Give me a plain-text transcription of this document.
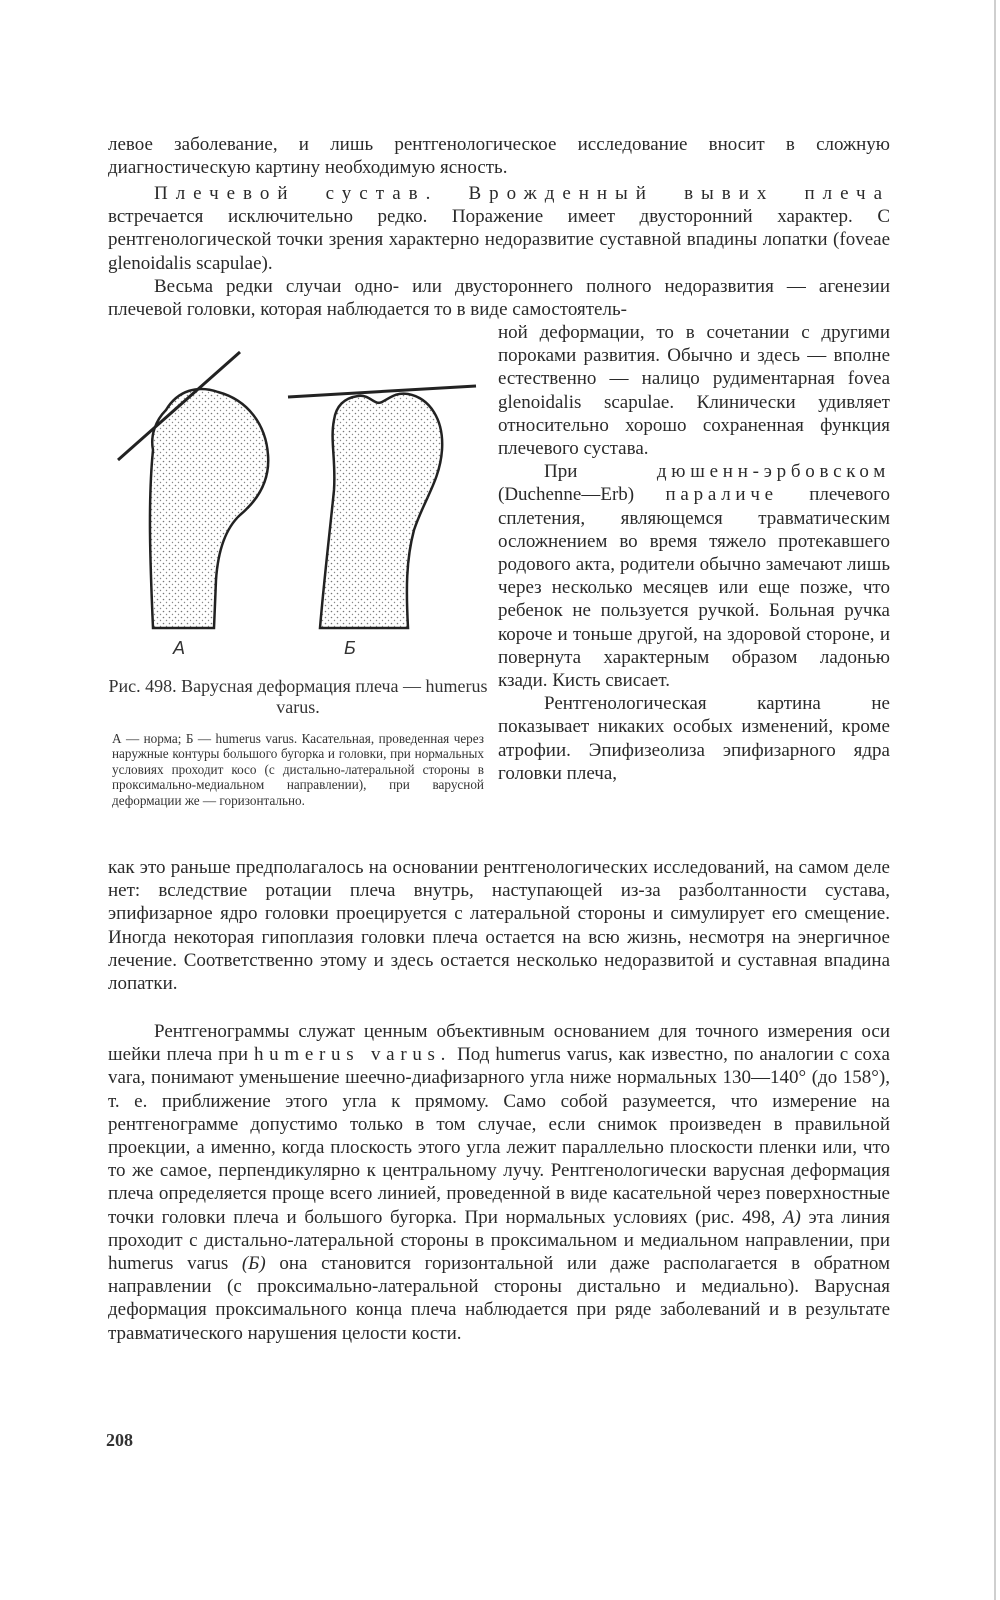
левое заболевание, и лишь рентгенологическое исследование вносит в сложную диагностическую картину необходимую ясность.

Плечевой сустав. Врожденный вывих плеча встречается исключительно редко. Поражение имеет двусторонний характер. С рентгенологической точки зрения характерно недоразвитие суставной впадины лопатки (foveae glenoidalis scapulae).

Весьма редки случаи одно- или двустороннего полного недоразвития — агенезии плечевой головки, которая наблюдается то в виде самостоятель-

А	Б
Рис. 498. Варусная деформация плеча — humerus varus.
А — норма; Б — humerus varus. Касательная, проведенная через наружные контуры большого бугорка и головки, при нормальных условиях проходит косо (с дистально-латеральной стороны в проксимально-медиальном направлении), при варусной деформации же — горизонтально.

ной деформации, то в сочетании с другими пороками развития. Обычно и здесь — вполне естественно — налицо рудиментарная fovea glenoidalis scapulae. Клинически удивляет относительно хорошо сохраненная функция плечевого сустава.

При дюшенн-эрбовском (Duchenne—Erb) параличе плечевого сплетения, являющемся травматическим осложнением во время тяжело протекавшего родового акта, родители обычно замечают лишь через несколько месяцев или еще позже, что ребенок не пользуется ручкой. Больная ручка короче и тоньше другой, на здоровой стороне, и повернута характерным образом ладонью кзади. Кисть свисает.

Рентгенологическая картина не показывает никаких особых изменений, кроме атрофии. Эпифизеолиза эпифизарного ядра головки плеча,

как это раньше предполагалось на основании рентгенологических исследований, на самом деле нет: вследствие ротации плеча внутрь, наступающей из-за разболтанности сустава, эпифизарное ядро головки проецируется с латеральной стороны и симулирует его смещение. Иногда некоторая гипоплазия головки плеча остается на всю жизнь, несмотря на энергичное лечение. Соответственно этому и здесь остается несколько недоразвитой и суставная впадина лопатки.

Рентгенограммы служат ценным объективным основанием для точного измерения оси шейки плеча при humerus varus. Под humerus varus, как известно, по аналогии с coxa vara, понимают уменьшение шеечно-диафизарного угла ниже нормальных 130—140° (до 158°), т. е. приближение этого угла к прямому. Само собой разумеется, что измерение на рентгенограмме допустимо только в том случае, если снимок произведен в правильной проекции, а именно, когда плоскость этого угла лежит параллельно плоскости пленки или, что то же самое, перпендикулярно к центральному лучу. Рентгенологически варусная деформация плеча определяется проще всего линией, проведенной в виде касательной через поверхностные точки головки плеча и большого бугорка. При нормальных условиях (рис. 498, А) эта линия проходит с дистально-латеральной стороны в проксимальном и медиальном направлении, при humerus varus (Б) она становится горизонтальной или даже располагается в обратном направлении (с проксимально-латеральной стороны дистально и медиально). Варусная деформация проксимального конца плеча наблюдается при ряде заболеваний и в результате травматического нарушения целости кости.

208
